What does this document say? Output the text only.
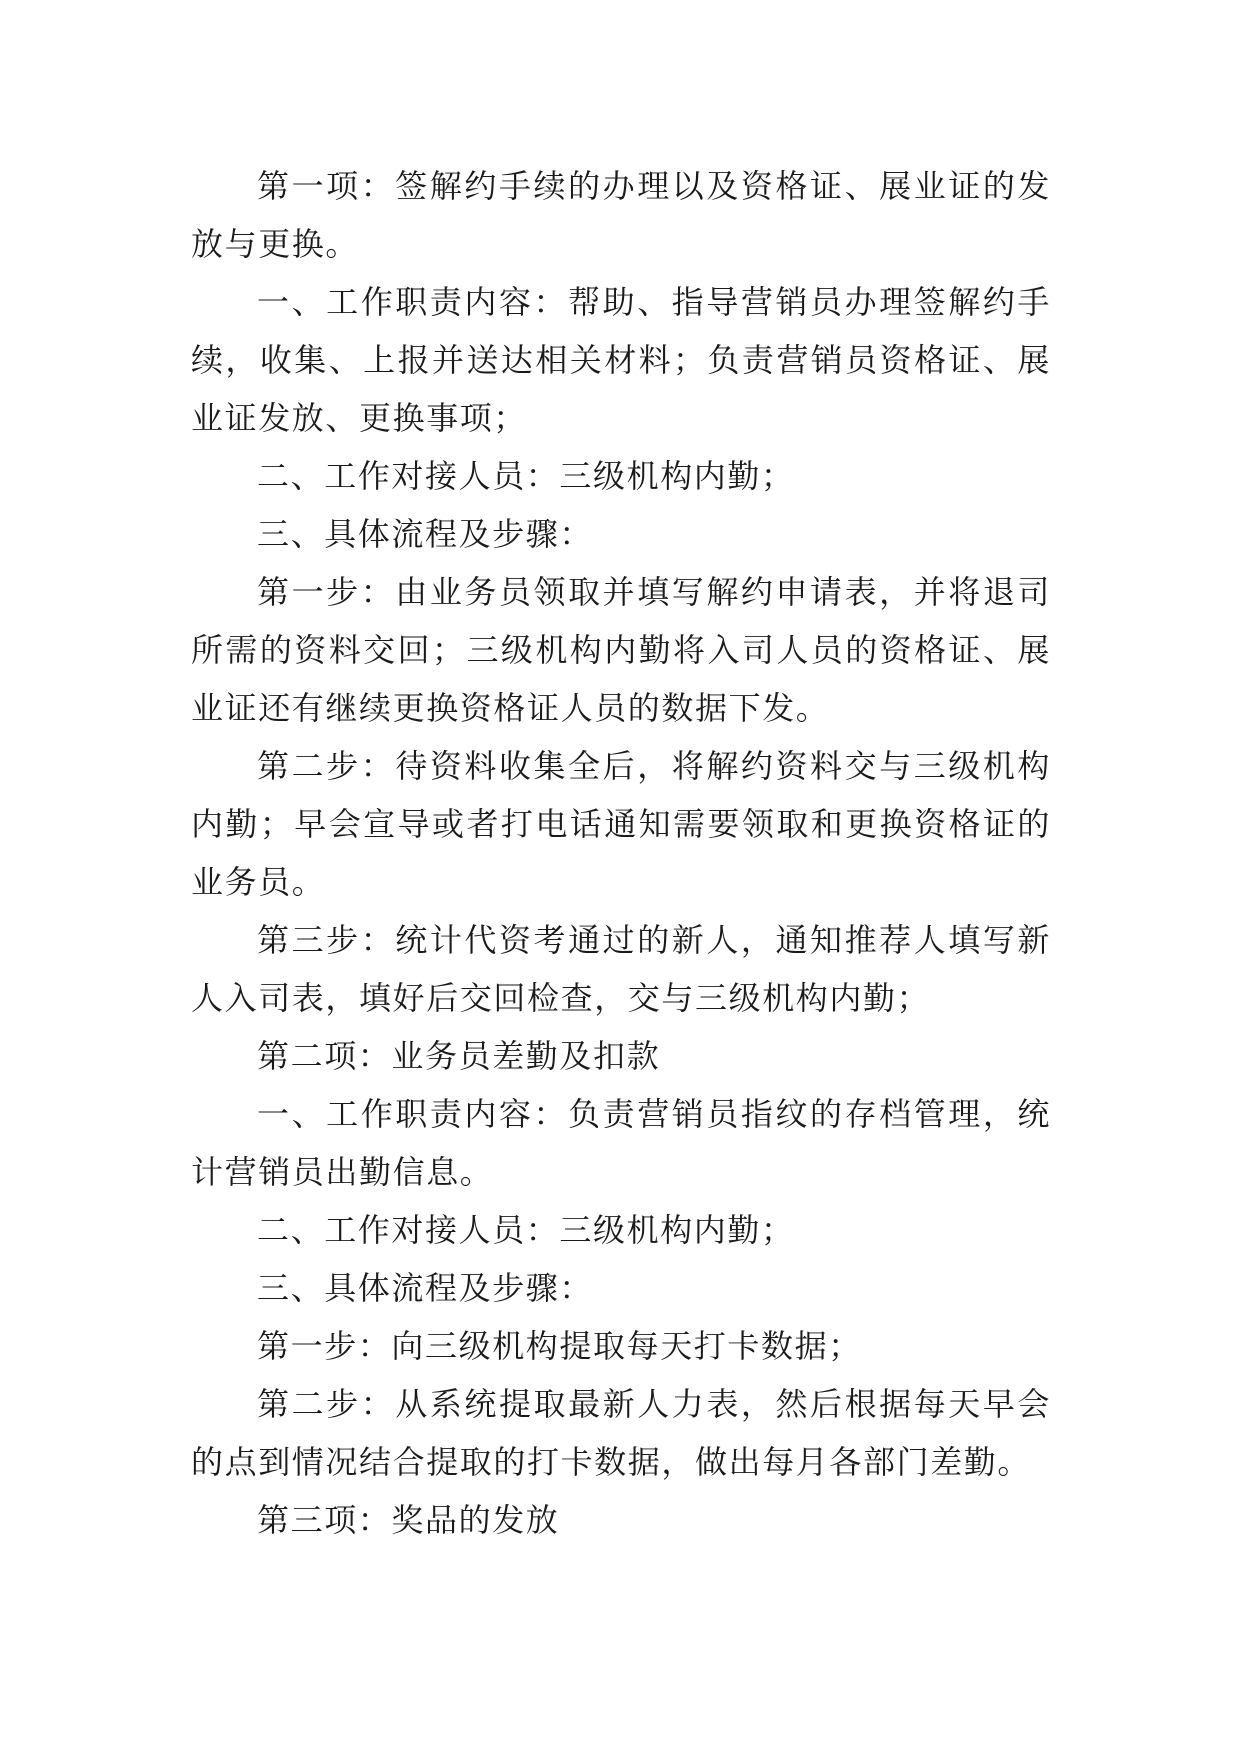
第一项：签解约手续的办理以及资格证、展业证的发放与更换。

一、工作职责内容：帮助、指导营销员办理签解约手续，收集、上报并送达相关材料；负责营销员资格证、展业证发放、更换事项；

二、工作对接人员：三级机构内勤；

三、具体流程及步骤：

第一步：由业务员领取并填写解约申请表，并将退司所需的资料交回；三级机构内勤将入司人员的资格证、展业证还有继续更换资格证人员的数据下发。

第二步：待资料收集全后，将解约资料交与三级机构内勤；早会宣导或者打电话通知需要领取和更换资格证的业务员。

第三步：统计代资考通过的新人，通知推荐人填写新人入司表，填好后交回检查，交与三级机构内勤；

第二项：业务员差勤及扣款

一、工作职责内容：负责营销员指纹的存档管理，统计营销员出勤信息。

二、工作对接人员：三级机构内勤；

三、具体流程及步骤：

第一步：向三级机构提取每天打卡数据；

第二步：从系统提取最新人力表，然后根据每天早会的点到情况结合提取的打卡数据，做出每月各部门差勤。

第三项：奖品的发放
